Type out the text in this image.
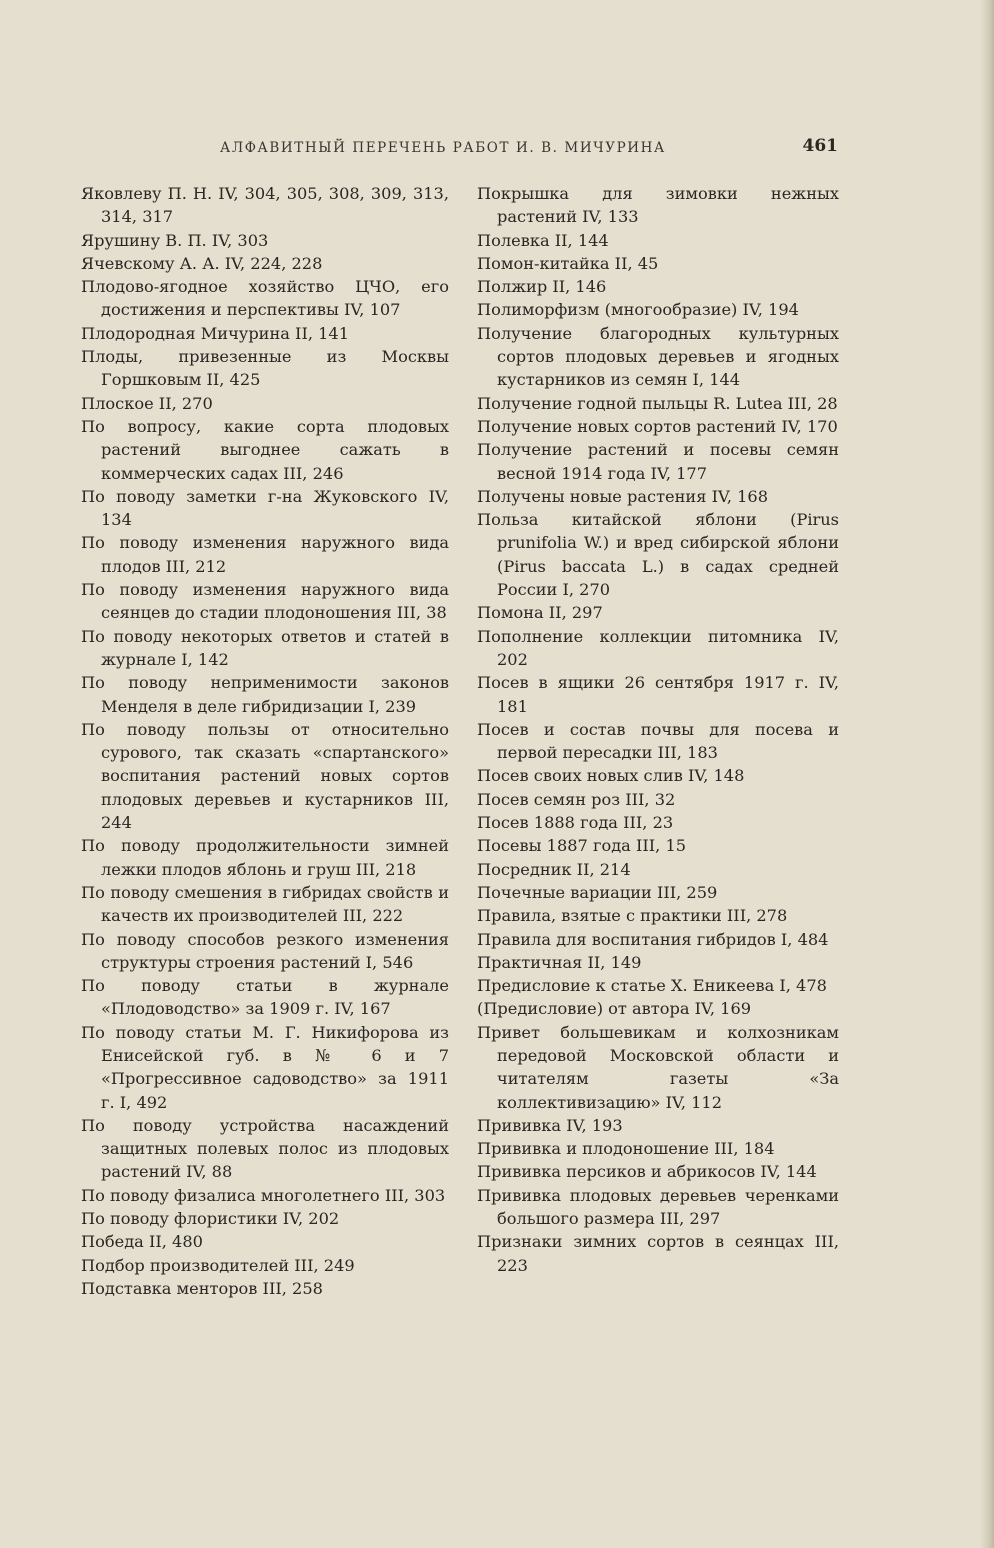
АЛФАВИТНЫЙ ПЕРЕЧЕНЬ РАБОТ И. В. МИЧУРИНА	461

Яковлеву П. Н. IV, 304, 305, 308, 309, 313, 314, 317

Ярушину В. П. IV, 303

Ячевскому А. А. IV, 224, 228

Плодово-ягодное хозяйство ЦЧО, его достижения и перспективы IV, 107

Плодородная Мичурина II, 141

Плоды, привезенные из Москвы Горшковым II, 425

Плоское II, 270

По вопросу, какие сорта плодовых растений выгоднее сажать в коммерческих садах III, 246

По поводу заметки г-на Жуковского IV, 134

По поводу изменения наружного вида плодов III, 212

По поводу изменения наружного вида сеянцев до стадии плодоношения III, 38

По поводу некоторых ответов и статей в журнале I, 142

По поводу неприменимости законов Менделя в деле гибридизации I, 239

По поводу пользы от относительно сурового, так сказать «спартанского» воспитания растений новых сортов плодовых деревьев и кустарников III, 244

По поводу продолжительности зимней лежки плодов яблонь и груш III, 218

По поводу смешения в гибридах свойств и качеств их производителей III, 222

По поводу способов резкого изменения структуры строения растений I, 546

По поводу статьи в журнале «Плодоводство» за 1909 г. IV, 167

По поводу статьи М. Г. Никифорова из Енисейской губ. в № 6 и 7 «Прогрессивное садоводство» за 1911 г. I, 492

По поводу устройства насаждений защитных полевых полос из плодовых растений IV, 88

По поводу физалиса многолетнего III, 303

По поводу флористики IV, 202

Победа II, 480

Подбор производителей III, 249

Подставка менторов III, 258

Покрышка для зимовки нежных растений IV, 133

Полевка II, 144

Помон-китайка II, 45

Полжир II, 146

Полиморфизм (многообразие) IV, 194

Получение благородных культурных сортов плодовых деревьев и ягодных кустарников из семян I, 144

Получение годной пыльцы R. Lutea III, 28

Получение новых сортов растений IV, 170

Получение растений и посевы семян весной 1914 года IV, 177

Получены новые растения IV, 168

Польза китайской яблони (Pirus prunifolia W.) и вред сибирской яблони (Pirus baccata L.) в садах средней России I, 270

Помона II, 297

Пополнение коллекции питомника IV, 202

Посев в ящики 26 сентября 1917 г. IV, 181

Посев и состав почвы для посева и первой пересадки III, 183

Посев своих новых слив IV, 148

Посев семян роз III, 32

Посев 1888 года III, 23

Посевы 1887 года III, 15

Посредник II, 214

Почечные вариации III, 259

Правила, взятые с практики III, 278

Правила для воспитания гибридов I, 484

Практичная II, 149

Предисловие к статье Х. Еникеева I, 478

(Предисловие) от автора IV, 169

Привет большевикам и колхозникам передовой Московской области и читателям газеты «За коллективизацию» IV, 112

Прививка IV, 193

Прививка и плодоношение III, 184

Прививка персиков и абрикосов IV, 144

Прививка плодовых деревьев черенками большого размера III, 297

Признаки зимних сортов в сеянцах III, 223
